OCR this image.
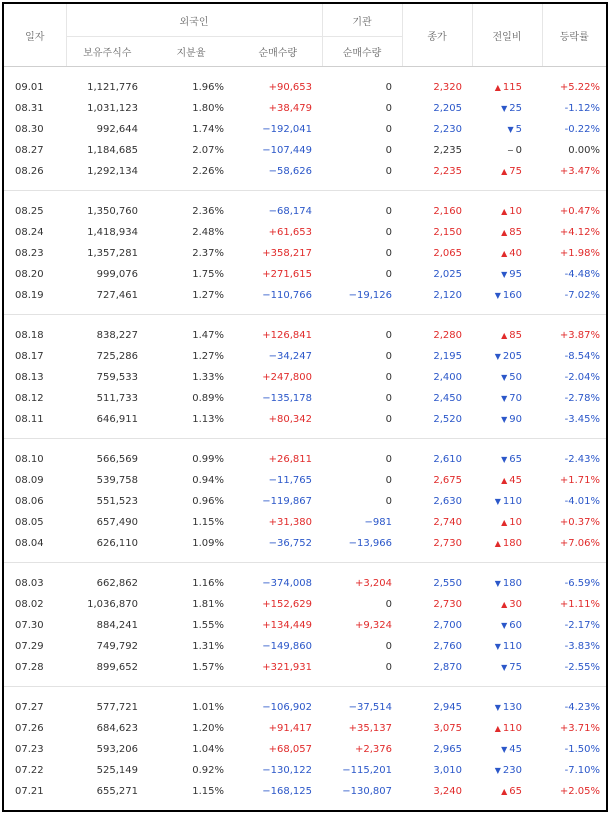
일자	외국인			기관	종가	전일비	등락률
	보유주식수	지분율	순매수량	순매수량			

09.01	1,121,776	1.96%	+90,653	0	2,320	▲ 115	+5.22%
08.31	1,031,123	1.80%	+38,479	0	2,205	▼ 25	-1.12%
08.30	992,644	1.74%	−192,041	0	2,230	▼ 5	-0.22%
08.27	1,184,685	2.07%	−107,449	0	2,235	− 0	0.00%
08.26	1,292,134	2.26%	−58,626	0	2,235	▲ 75	+3.47%

08.25	1,350,760	2.36%	−68,174	0	2,160	▲ 10	+0.47%
08.24	1,418,934	2.48%	+61,653	0	2,150	▲ 85	+4.12%
08.23	1,357,281	2.37%	+358,217	0	2,065	▲ 40	+1.98%
08.20	999,076	1.75%	+271,615	0	2,025	▼ 95	-4.48%
08.19	727,461	1.27%	−110,766	−19,126	2,120	▼ 160	-7.02%

08.18	838,227	1.47%	+126,841	0	2,280	▲ 85	+3.87%
08.17	725,286	1.27%	−34,247	0	2,195	▼ 205	-8.54%
08.13	759,533	1.33%	+247,800	0	2,400	▼ 50	-2.04%
08.12	511,733	0.89%	−135,178	0	2,450	▼ 70	-2.78%
08.11	646,911	1.13%	+80,342	0	2,520	▼ 90	-3.45%

08.10	566,569	0.99%	+26,811	0	2,610	▼ 65	-2.43%
08.09	539,758	0.94%	−11,765	0	2,675	▲ 45	+1.71%
08.06	551,523	0.96%	−119,867	0	2,630	▼ 110	-4.01%
08.05	657,490	1.15%	+31,380	−981	2,740	▲ 10	+0.37%
08.04	626,110	1.09%	−36,752	−13,966	2,730	▲ 180	+7.06%

08.03	662,862	1.16%	−374,008	+3,204	2,550	▼ 180	-6.59%
08.02	1,036,870	1.81%	+152,629	0	2,730	▲ 30	+1.11%
07.30	884,241	1.55%	+134,449	+9,324	2,700	▼ 60	-2.17%
07.29	749,792	1.31%	−149,860	0	2,760	▼ 110	-3.83%
07.28	899,652	1.57%	+321,931	0	2,870	▼ 75	-2.55%

07.27	577,721	1.01%	−106,902	−37,514	2,945	▼ 130	-4.23%
07.26	684,623	1.20%	+91,417	+35,137	3,075	▲ 110	+3.71%
07.23	593,206	1.04%	+68,057	+2,376	2,965	▼ 45	-1.50%
07.22	525,149	0.92%	−130,122	−115,201	3,010	▼ 230	-7.10%
07.21	655,271	1.15%	−168,125	−130,807	3,240	▲ 65	+2.05%
